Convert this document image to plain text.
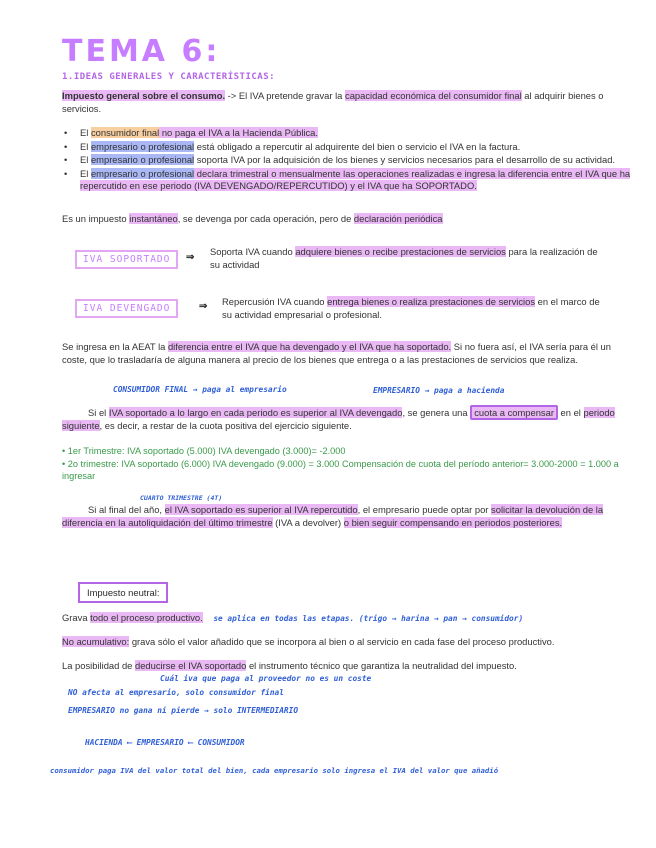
TEMA 6:
1.IDEAS GENERALES Y CARACTERÍSTICAS:
Impuesto general sobre el consumo. -> El IVA pretende gravar la capacidad económica del consumidor final al adquirir bienes o servicios.
• El consumidor final no paga el IVA a la Hacienda Pública.
• El empresario o profesional está obligado a repercutir al adquirente del bien o servicio el IVA en la factura.
• El empresario o profesional soporta IVA por la adquisición de los bienes y servicios necesarios para el desarrollo de su actividad.
• El empresario o profesional declara trimestral o mensualmente las operaciones realizadas e ingresa la diferencia entre el IVA que ha repercutido en ese periodo (IVA DEVENGADO/REPERCUTIDO) y el IVA que ha SOPORTADO.
Es un impuesto instantáneo, se devenga por cada operación, pero de declaración periódica
IVA SOPORTADO	⇒
Soporta IVA cuando adquiere bienes o recibe prestaciones de servicios para la realización de su actividad
IVA DEVENGADO	⇒ Repercusión IVA cuando entrega bienes o realiza prestaciones de servicios en el marco de su actividad empresarial o profesional.
Se ingresa en la AEAT la diferencia entre el IVA que ha devengado y el IVA que ha soportado. Si no fuera así, el IVA sería para él un coste, que lo trasladaría de alguna manera al precio de los bienes que entrega o a las prestaciones de servicios que realiza.
CONSUMIDOR FINAL → paga al empresario	EMPRESARIO → paga a hacienda
Si el IVA soportado a lo largo en cada periodo es superior al IVA devengado, se genera una cuota a compensar en el periodo siguiente, es decir, a restar de la cuota positiva del ejercicio siguiente.
• 1er Trimestre: IVA soportado (5.000) IVA devengado (3.000)= -2.000
• 2o trimestre: IVA soportado (6.000) IVA devengado (9.000) = 3.000 Compensación de cuota del período anterior= 3.000-2000 = 1.000 a ingresar
CUARTO TRIMESTRE (4T)
Si al final del año, el IVA soportado es superior al IVA repercutido, el empresario puede optar por solicitar la devolución de la diferencia en la autoliquidación del último trimestre (IVA a devolver) o bien seguir compensando en periodos posteriores.
Impuesto neutral:
Grava todo el proceso productivo. se aplica en todas las etapas. (trigo → harina → pan → consumidor)
No acumulativo: grava sólo el valor añadido que se incorpora al bien o al servicio en cada fase del proceso productivo.
La posibilidad de deducirse el IVA soportado el instrumento técnico que garantiza la neutralidad del impuesto.
Cuál iva que paga al proveedor no es un coste
NO afecta al empresario, solo consumidor final
EMPRESARIO no gana ni pierde → solo INTERMEDIARIO
HACIENDA ⟵ EMPRESARIO ⟵ CONSUMIDOR
consumidor paga IVA del valor total del bien, cada empresario solo ingresa el IVA del valor que añadió
